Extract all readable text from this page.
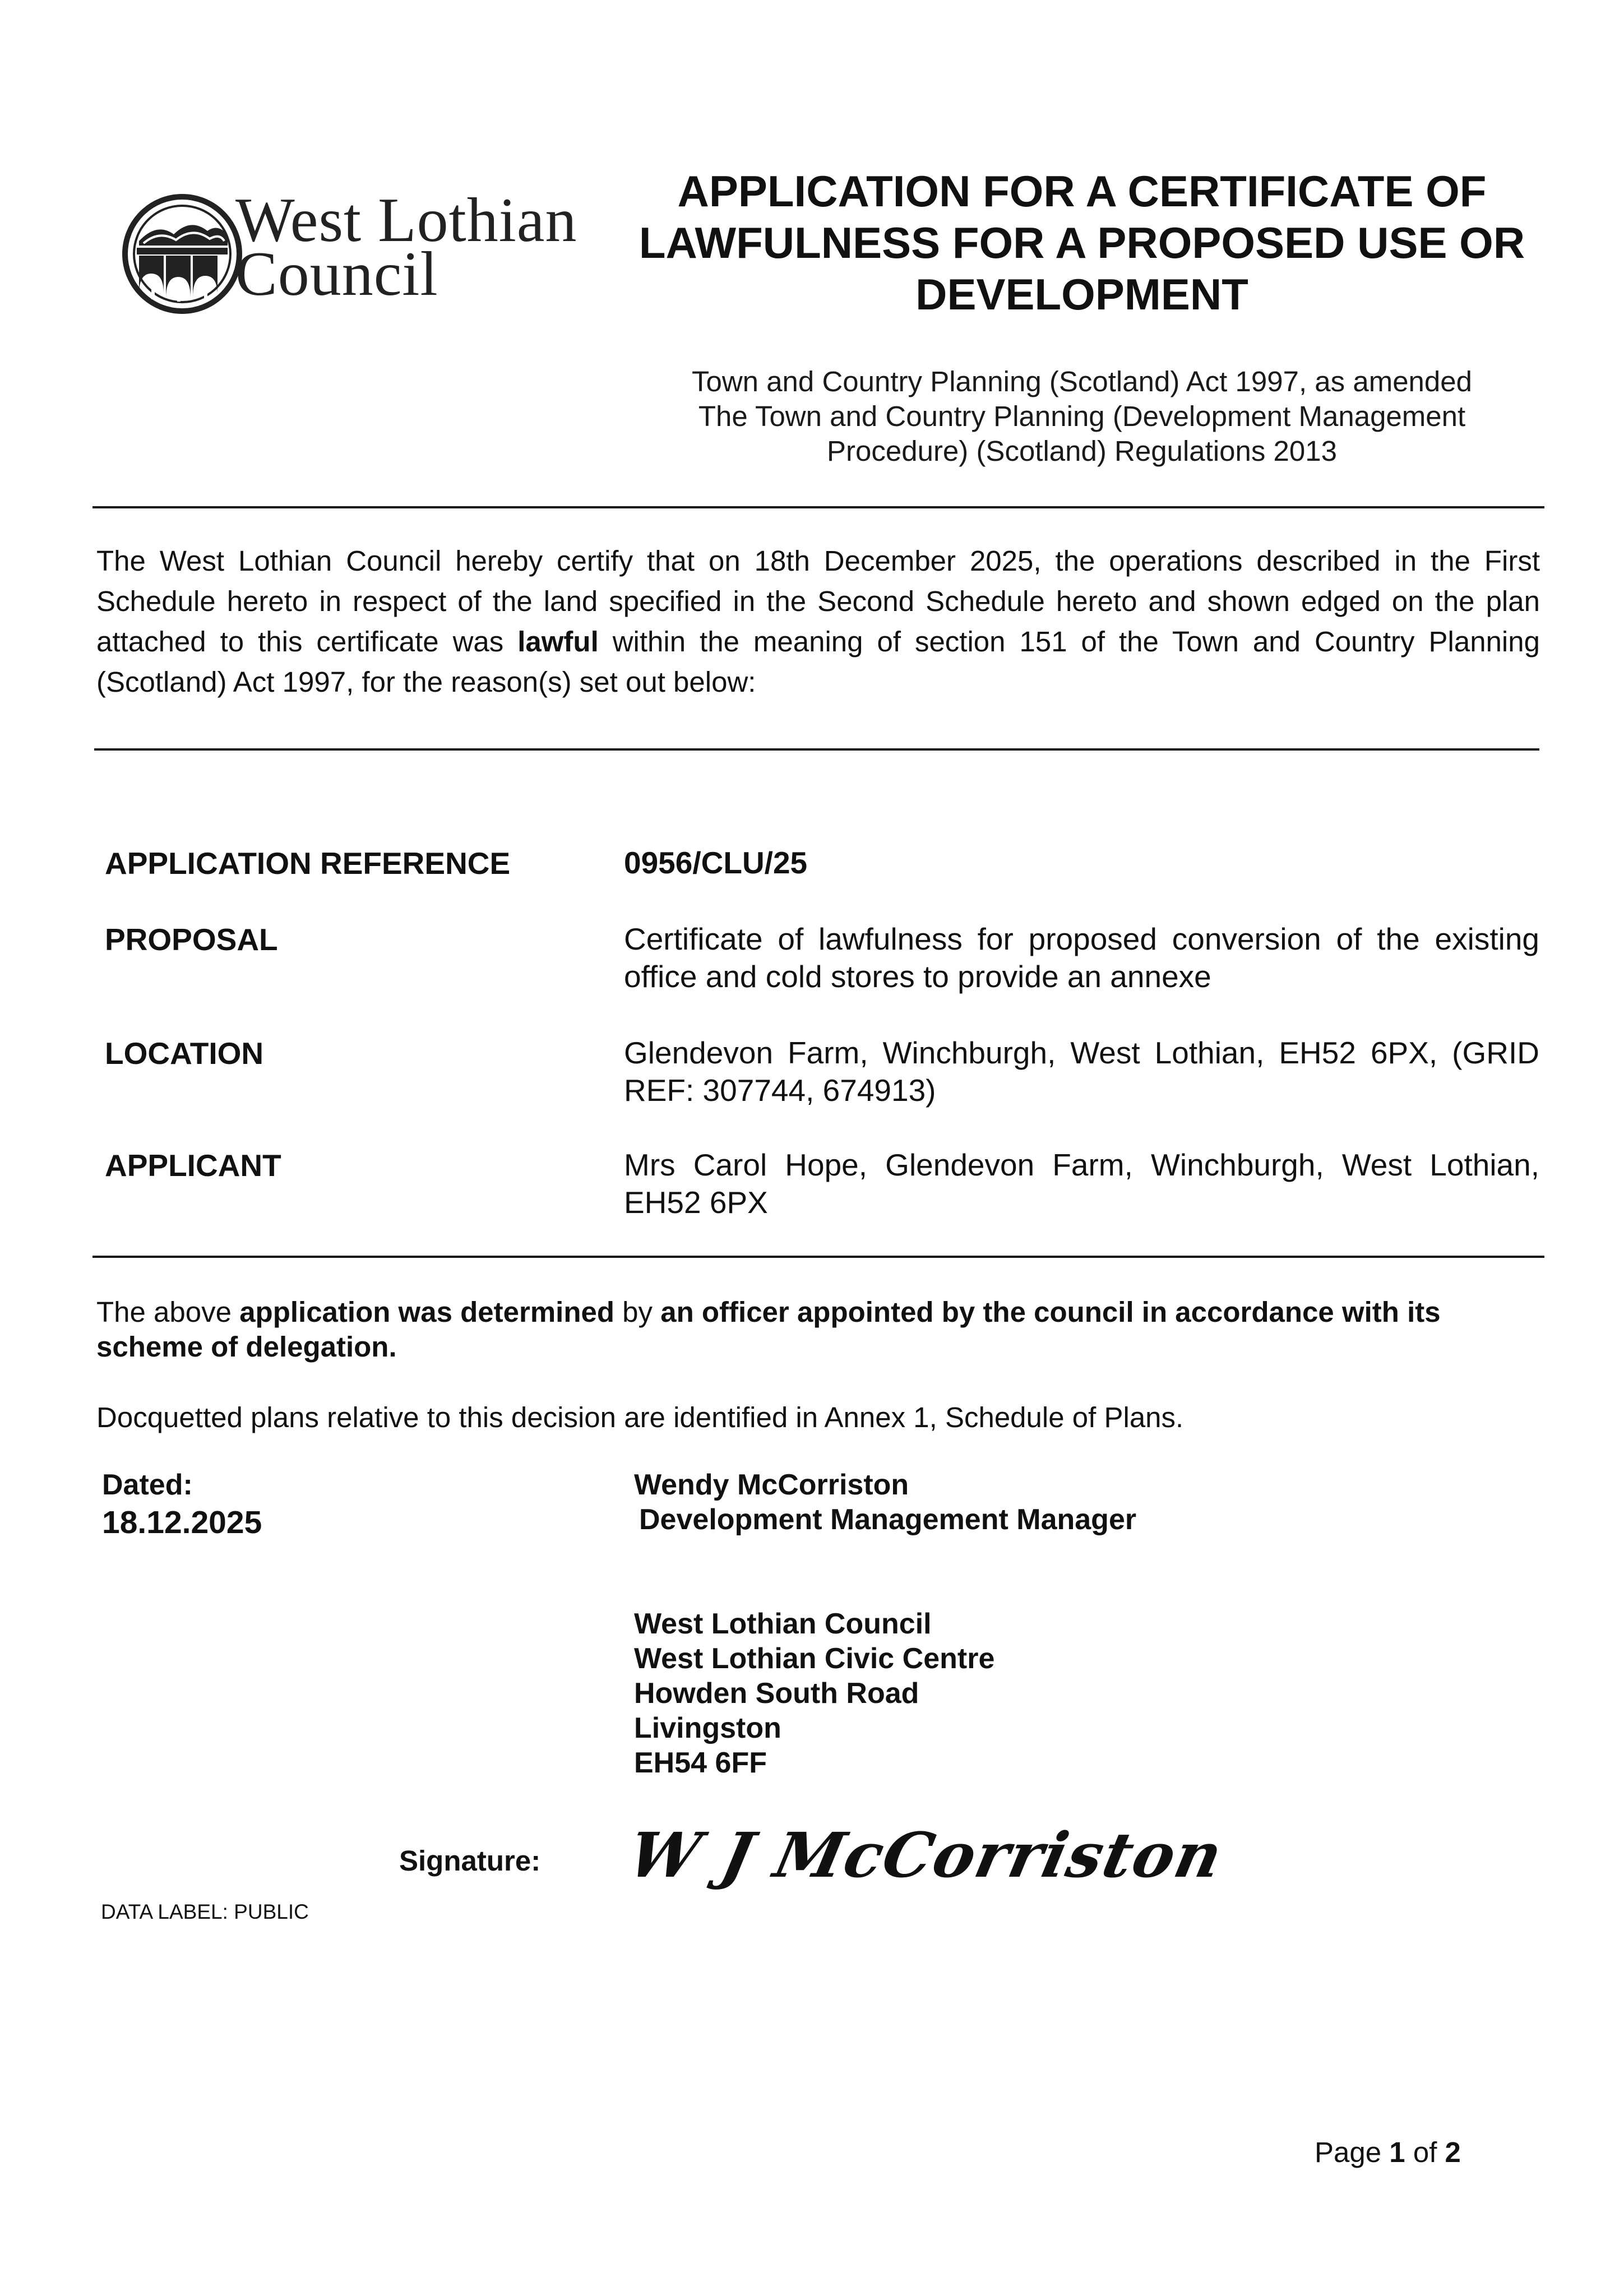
West Lothian
Council
APPLICATION FOR A CERTIFICATE OF
LAWFULNESS FOR A PROPOSED USE OR
DEVELOPMENT
Town and Country Planning (Scotland) Act 1997, as amended
The Town and Country Planning (Development Management
Procedure) (Scotland) Regulations 2013
The West Lothian Council hereby certify that on 18th December 2025, the operations described in the First Schedule hereto in respect of the land specified in the Second Schedule hereto and shown edged on the plan attached to this certificate was lawful within the meaning of section 151 of the Town and Country Planning (Scotland) Act 1997, for the reason(s) set out below:
APPLICATION REFERENCE	0956/CLU/25
PROPOSAL	Certificate of lawfulness for proposed conversion of the existing office and cold stores to provide an annexe
LOCATION	Glendevon Farm, Winchburgh, West Lothian, EH52 6PX, (GRID REF: 307744, 674913)
APPLICANT	Mrs Carol Hope, Glendevon Farm, Winchburgh, West Lothian, EH52 6PX
The above application was determined by an officer appointed by the council in accordance with its scheme of delegation.
Docquetted plans relative to this decision are identified in Annex 1, Schedule of Plans.
Dated:
18.12.2025
Wendy McCorriston
Development Management Manager
West Lothian Council
West Lothian Civic Centre
Howden South Road
Livingston
EH54 6FF
Signature: W J McCorriston
DATA LABEL: PUBLIC
Page 1 of 2
